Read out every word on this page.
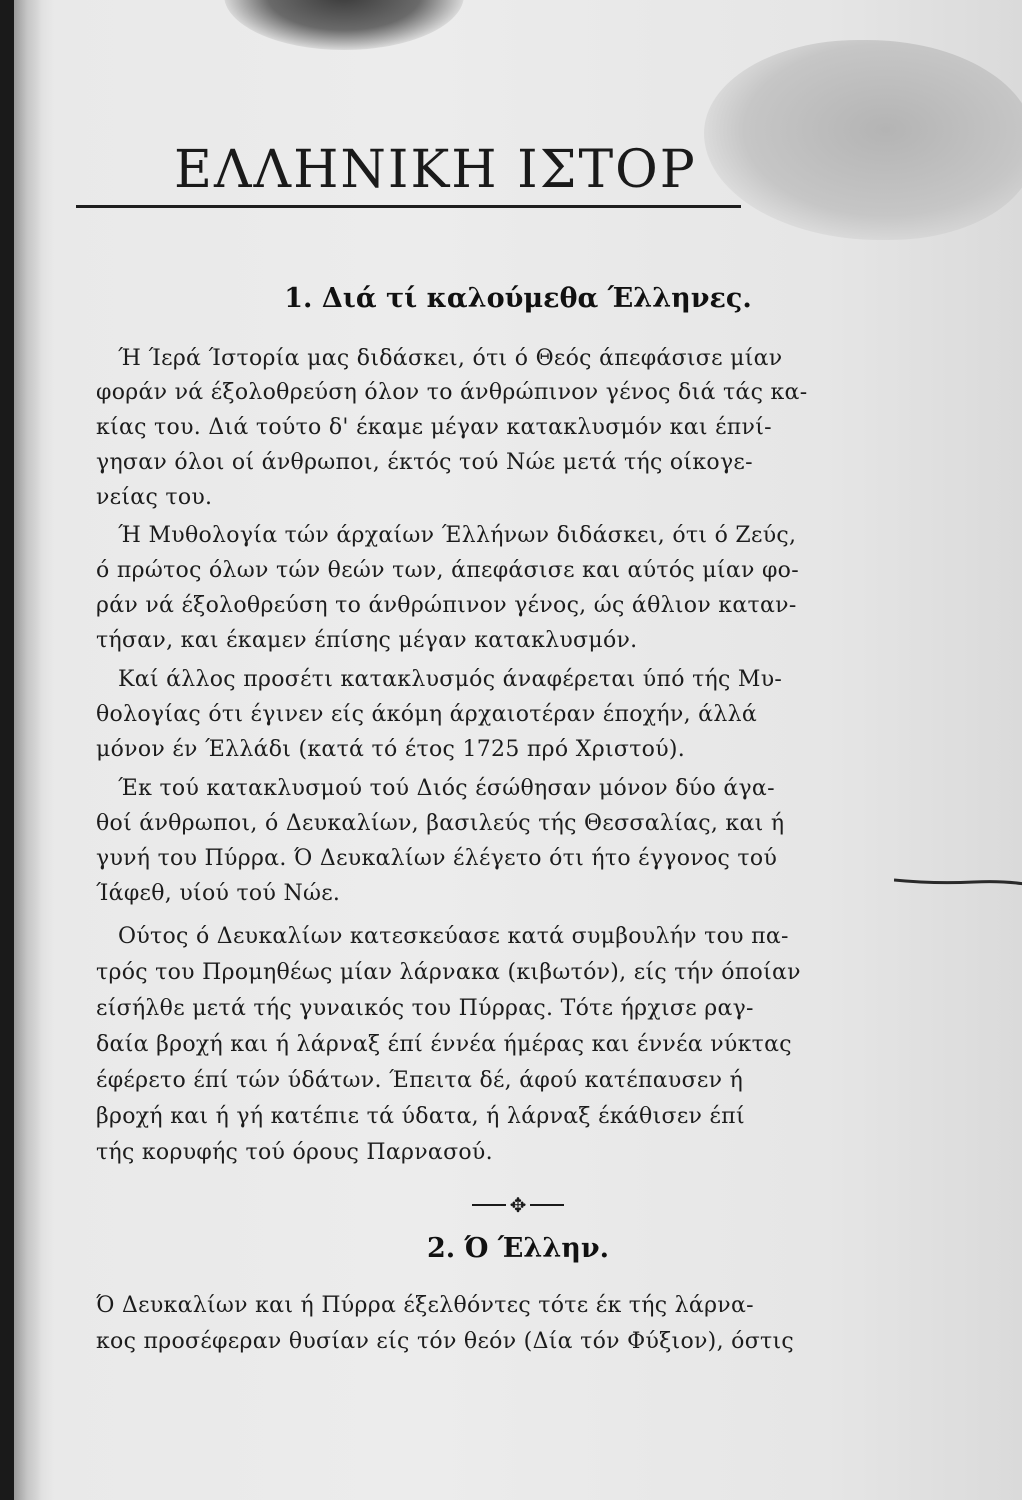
ΕΛΛΗΝΙΚΗ ΙΣΤΟΡ
1. Διά τί καλούμεθα Έλληνες.
Ή Ίερά Ίστορία μας διδάσκει, ότι ό Θεός άπεφάσισε μίαν
φοράν νά έξολοθρεύση όλον το άνθρώπινον γένος διά τάς κα-
κίας του. Διά τούτο δ' έκαμε μέγαν κατακλυσμόν και έπνί-
γησαν όλοι οί άνθρωποι, έκτός τού Νώε μετά τής οίκογε-
νείας του.
Ή Μυθολογία τών άρχαίων Έλλήνων διδάσκει, ότι ό Ζεύς,
ό πρώτος όλων τών θεών των, άπεφάσισε και αύτός μίαν φο-
ράν νά έξολοθρεύση το άνθρώπινον γένος, ώς άθλιον καταν-
τήσαν, και έκαμεν έπίσης μέγαν κατακλυσμόν.
Καί άλλος προσέτι κατακλυσμός άναφέρεται ύπό τής Μυ-
θολογίας ότι έγινεν είς άκόμη άρχαιοτέραν έποχήν, άλλά
μόνον έν Έλλάδι (κατά τό έτος 1725 πρό Χριστού).
Έκ τού κατακλυσμού τού Διός έσώθησαν μόνον δύο άγα-
θοί άνθρωποι, ό Δευκαλίων, βασιλεύς τής Θεσσαλίας, και ή
γυνή του Πύρρα. Ό Δευκαλίων έλέγετο ότι ήτο έγγονος τού
Ίάφεθ, υίού τού Νώε.
Ούτος ό Δευκαλίων κατεσκεύασε κατά συμβουλήν του πα-
τρός του Προμηθέως μίαν λάρνακα (κιβωτόν), είς τήν όποίαν
είσήλθε μετά τής γυναικός του Πύρρας. Τότε ήρχισε ραγ-
δαία βροχή και ή λάρναξ έπί έννέα ήμέρας και έννέα νύκτας
έφέρετο έπί τών ύδάτων. Έπειτα δέ, άφού κατέπαυσεν ή
βροχή και ή γή κατέπιε τά ύδατα, ή λάρναξ έκάθισεν έπί
τής κορυφής τού όρους Παρνασού.
✥
2. Ό Έλλην.
Ό Δευκαλίων και ή Πύρρα έξελθόντες τότε έκ τής λάρνα-
κος προσέφεραν θυσίαν είς τόν θεόν (Δία τόν Φύξιον), όστις
